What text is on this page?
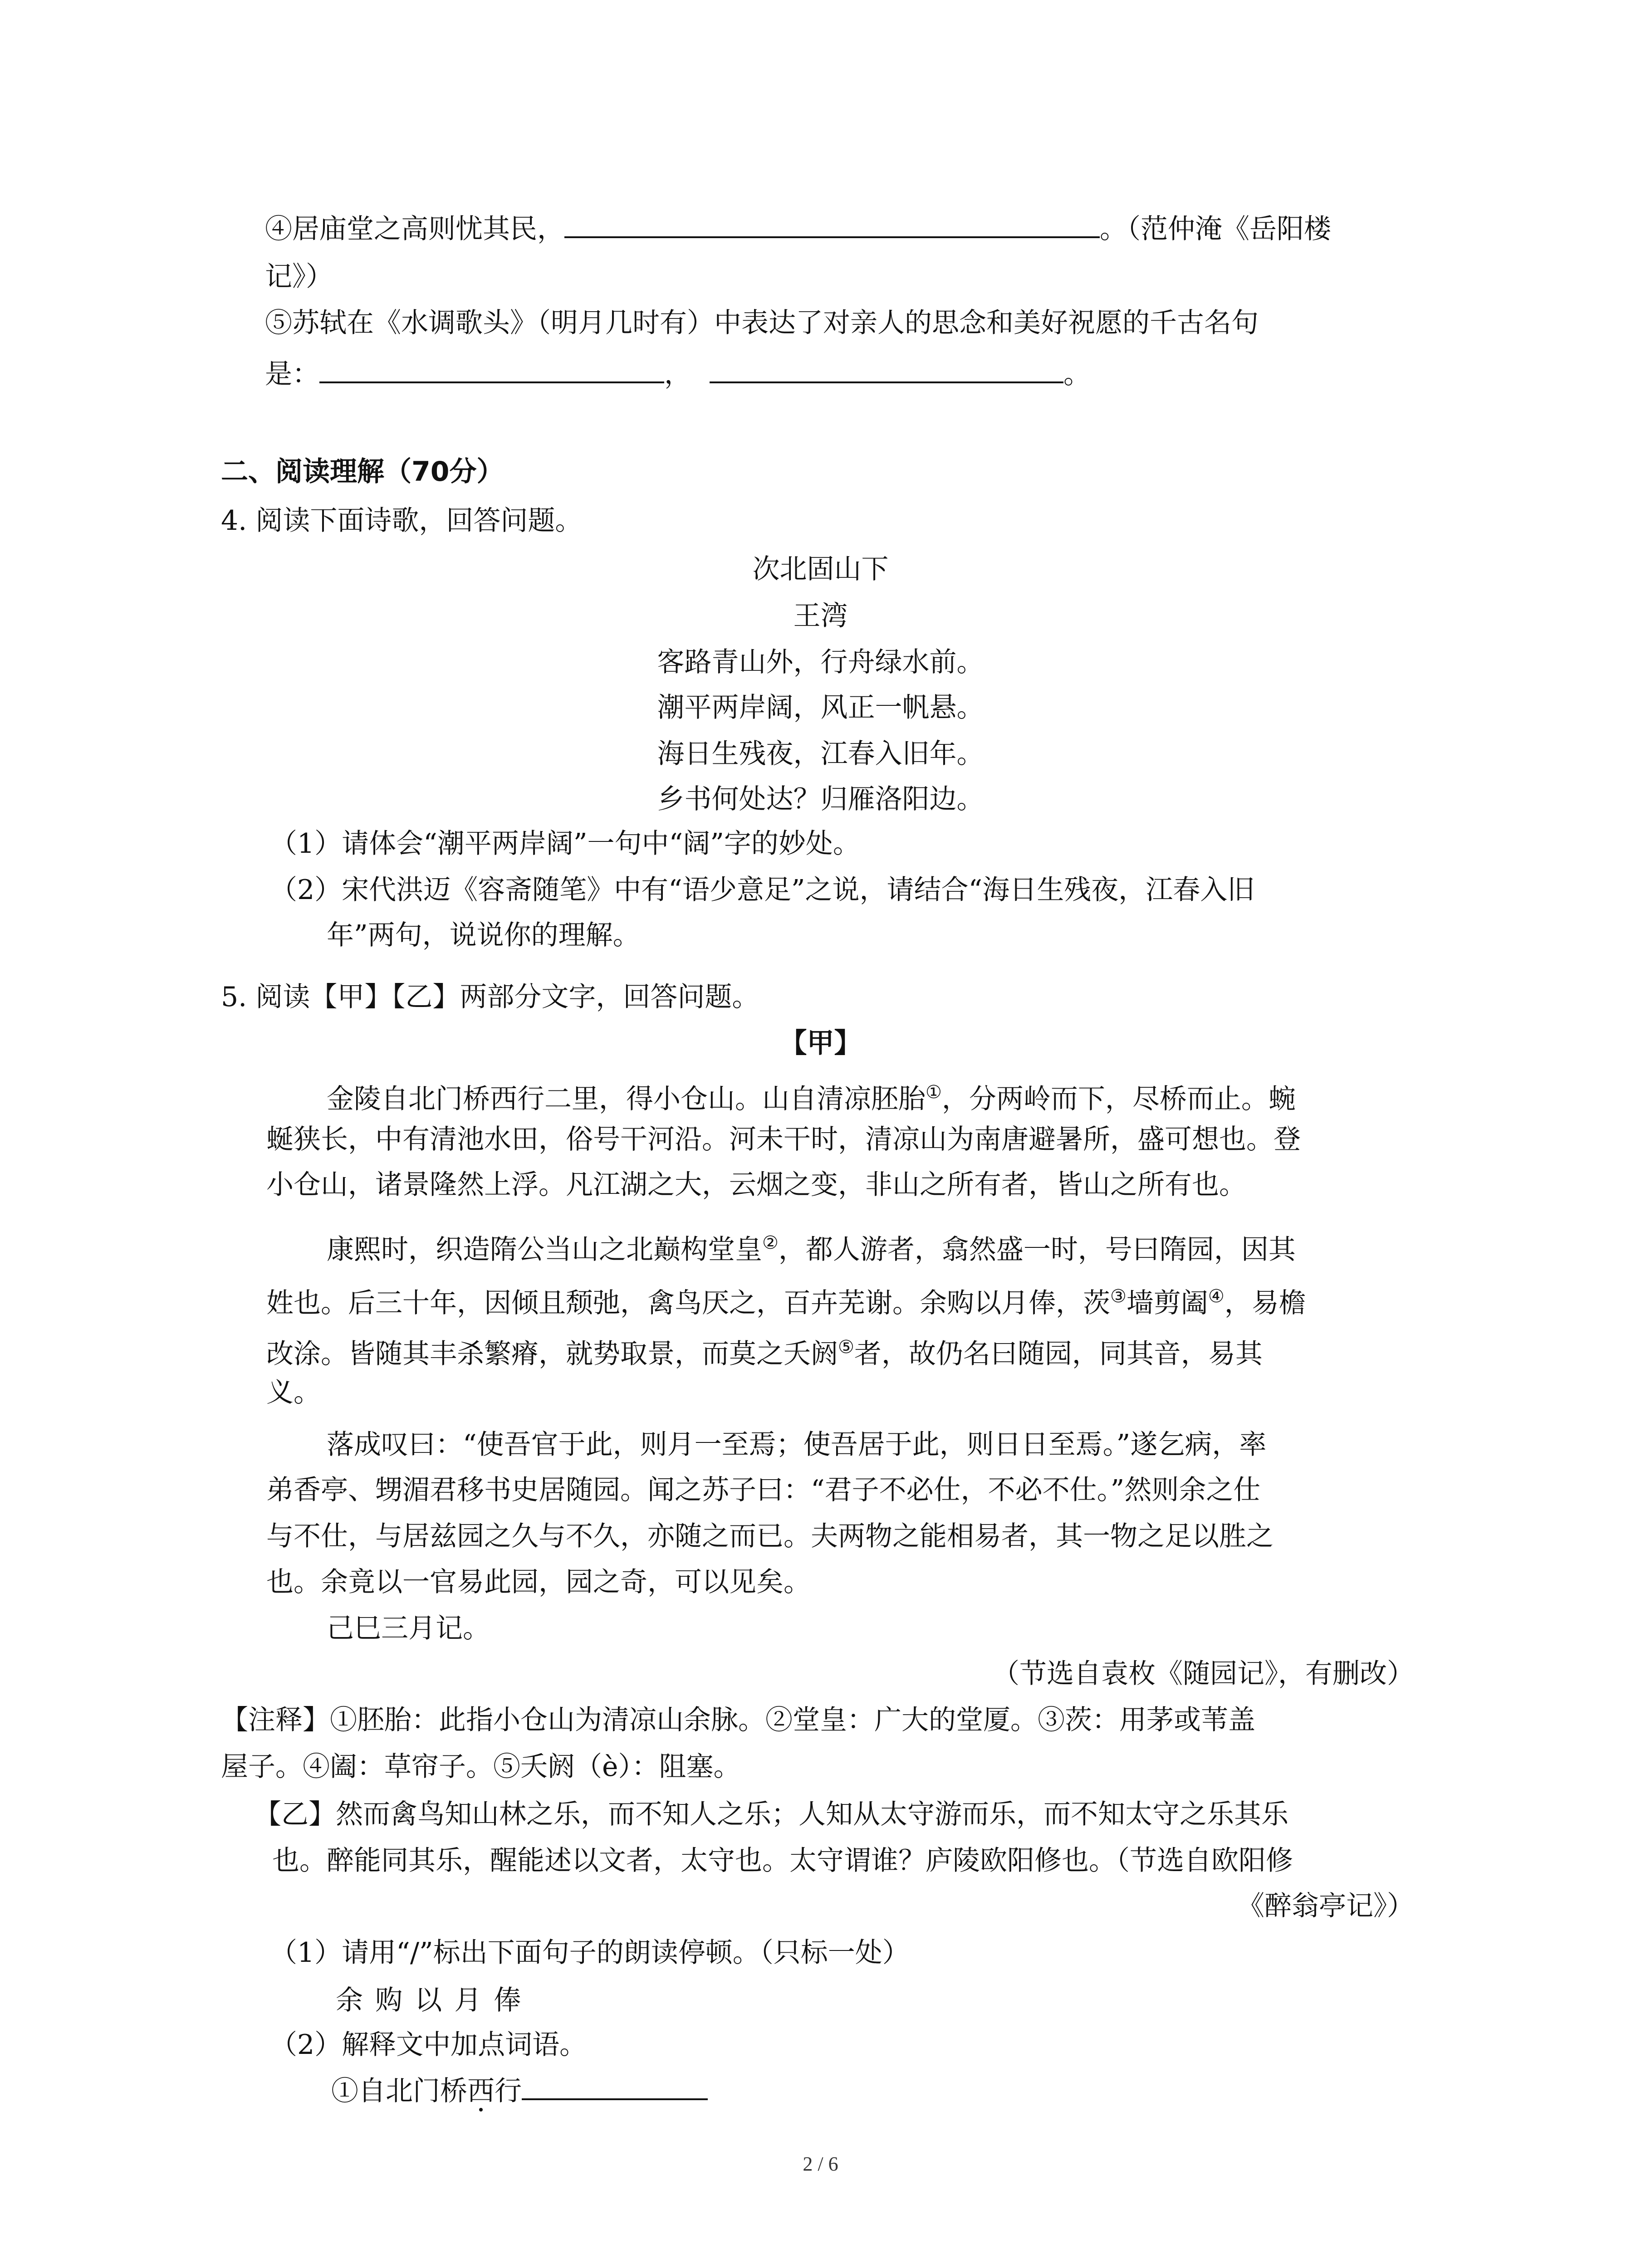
④居庙堂之高则忧其民，	。（范仲淹《岳阳楼
记》）
⑤苏轼在《水调歌头》（明月几时有）中表达了对亲人的思念和美好祝愿的千古名句
是：	，	。
二、阅读理解（70分）
4. 阅读下面诗歌，回答问题。
次北固山下
王湾
客路青山外，行舟绿水前。
潮平两岸阔，风正一帆悬。
海日生残夜，江春入旧年。
乡书何处达？归雁洛阳边。
（1）请体会“潮平两岸阔”一句中“阔”字的妙处。
（2）宋代洪迈《容斋随笔》中有“语少意足”之说，请结合“海日生残夜，江春入旧
年”两句，说说你的理解。
5. 阅读【甲】【乙】两部分文字，回答问题。
【甲】
金陵自北门桥西行二里，得小仓山。山自清凉胚胎①，分两岭而下，尽桥而止。蜿
蜒狭长，中有清池水田，俗号干河沿。河未干时，清凉山为南唐避暑所，盛可想也。登
小仓山，诸景隆然上浮。凡江湖之大，云烟之变，非山之所有者，皆山之所有也。
康熙时，织造隋公当山之北巅构堂皇②，都人游者，翕然盛一时，号曰隋园，因其
姓也。后三十年，因倾且颓弛，禽鸟厌之，百卉芜谢。余购以月俸，茨③墙剪阖④，易檐
改涂。皆随其丰杀繁瘠，就势取景，而莫之夭阏⑤者，故仍名曰随园，同其音，易其
义。
落成叹曰：“使吾官于此，则月一至焉；使吾居于此，则日日至焉。”遂乞病，率
弟香亭、甥湄君移书史居随园。闻之苏子曰：“君子不必仕，不必不仕。”然则余之仕
与不仕，与居兹园之久与不久，亦随之而已。夫两物之能相易者，其一物之足以胜之
也。余竟以一官易此园，园之奇，可以见矣。
己巳三月记。
（节选自袁枚《随园记》，有删改）
【注释】①胚胎：此指小仓山为清凉山余脉。②堂皇：广大的堂厦。③茨：用茅或苇盖
屋子。④阖：草帘子。⑤夭阏（è）：阻塞。
【乙】然而禽鸟知山林之乐，而不知人之乐；人知从太守游而乐，而不知太守之乐其乐
也。醉能同其乐，醒能述以文者，太守也。太守谓谁？庐陵欧阳修也。（节选自欧阳修
《醉翁亭记》）
（1）请用“/”标出下面句子的朗读停顿。（只标一处）
余 购 以 月 俸
（2）解释文中加点词语。
①自北门桥西行
2 / 6
